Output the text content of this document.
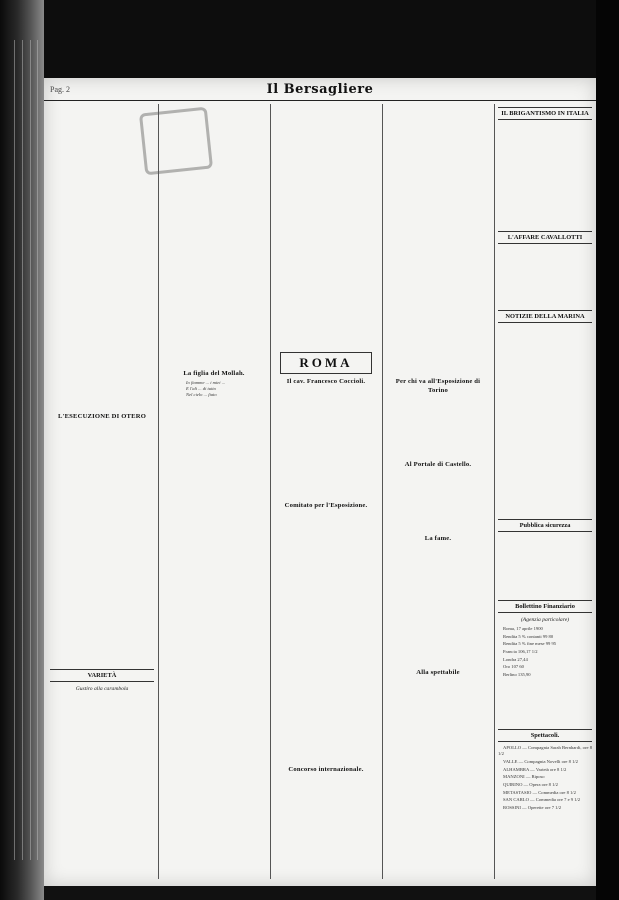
Pag. 2	Il Bersagliere

L'ESECUZIONE DI OTERO

VARIETÀ
Gustiro alla carambola
La figlia del Mollah.
Io fiamme ... i miei ...
E l'ali ... di tutto
Nel cielo ... fiato
ROMA
Il cav. Francesco Coccioli.
Comitato per l'Esposizione.
Concorso internazionale.
Per chi va all'Esposizione di Torino
Al Portale di Castello.
La fame.
Alla spettabile
IL BRIGANTISMO IN ITALIA
L'AFFARE CAVALLOTTI
NOTIZIE DELLA MARINA
Pubblica sicurezza
Bollettino Finanziario
(Agenzia particolare)

Roma, 17 aprile 1900

Rendita 5 % contanti 99 80

Rendita 5 % fine mese 99 95

Francia 106,17 1/2

Londra 27,44

Oro 107 60

Berlino 135,90

Spettacoli.

APOLLO — Compagnia Sarah Bernhardt, ore 8 1/2

VALLE — Compagnia Novelli ore 8 1/2

ALHAMBRA — Varietà ore 8 1/2

MANZONI — Riposo

QUIRINO — Opera ore 8 1/2

METASTASIO — Commedia ore 8 1/2

SAN CARLO — Commedia ore 7 e 9 1/2

ROSSINI — Operette ore 7 1/2
